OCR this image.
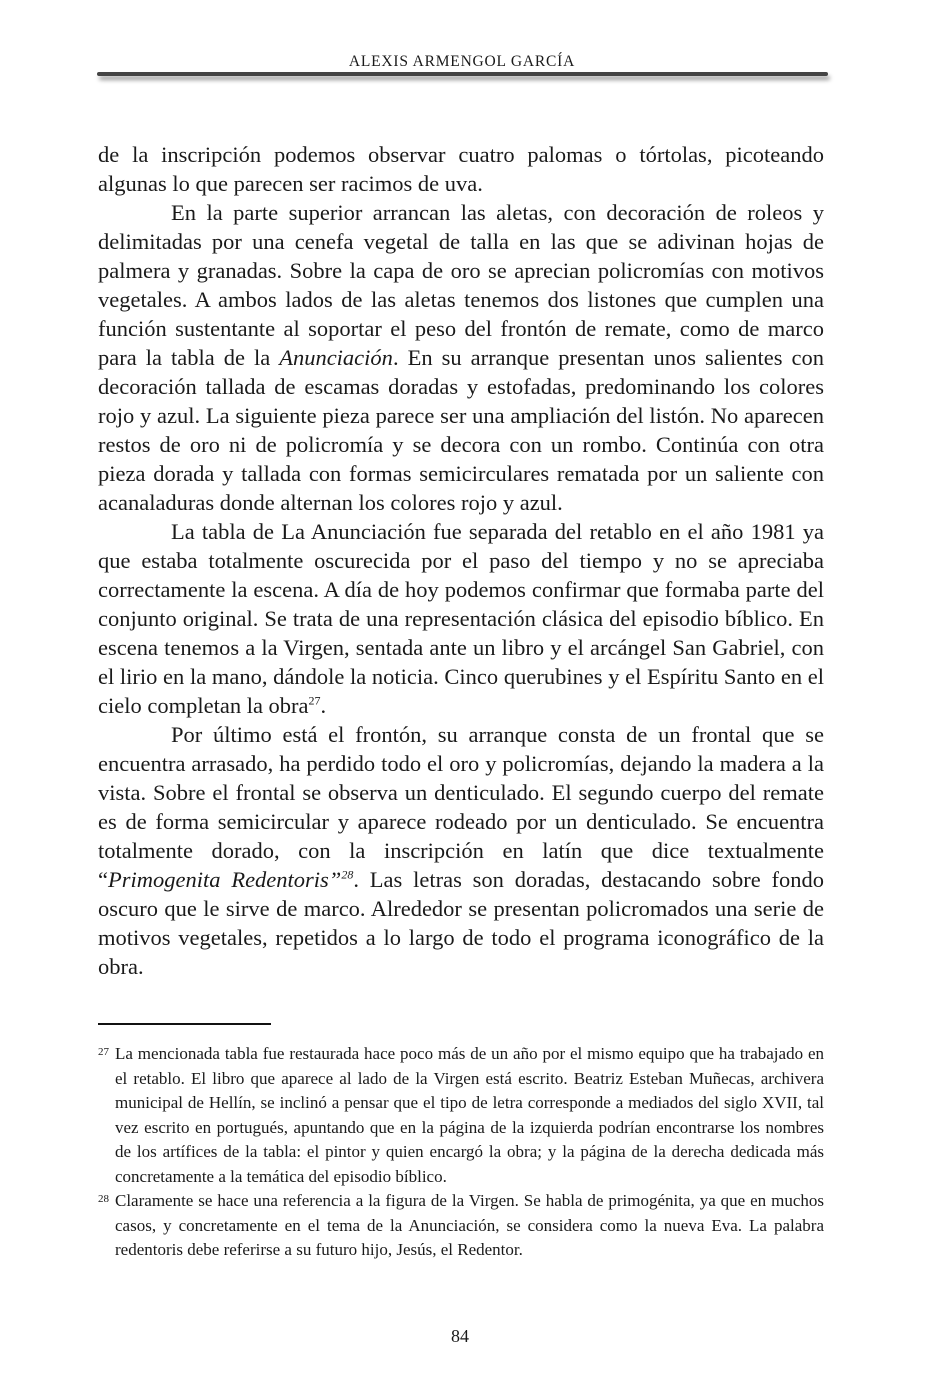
ALEXIS ARMENGOL GARCÍA

de la inscripción podemos observar cuatro palomas o tórtolas, picoteando algunas lo que parecen ser racimos de uva.

En la parte superior arrancan las aletas, con decoración de roleos y delimitadas por una cenefa vegetal de talla en las que se adivinan hojas de palmera y granadas. Sobre la capa de oro se aprecian policromías con motivos vegetales. A ambos lados de las aletas tenemos dos listones que cumplen una función sustentante al soportar el peso del frontón de remate, como de marco para la tabla de la Anunciación. En su arranque presentan unos salientes con decoración tallada de escamas doradas y estofadas, predominando los colores rojo y azul. La siguiente pieza parece ser una ampliación del listón. No aparecen restos de oro ni de policromía y se decora con un rombo. Continúa con otra pieza dorada y tallada con formas semicirculares rematada por un saliente con acanaladuras donde alternan los colores rojo y azul.

La tabla de La Anunciación fue separada del retablo en el año 1981 ya que estaba totalmente oscurecida por el paso del tiempo y no se apreciaba correctamente la escena. A día de hoy podemos confirmar que formaba parte del conjunto original. Se trata de una representación clásica del episodio bíblico. En escena tenemos a la Virgen, sentada ante un libro y el arcángel San Gabriel, con el lirio en la mano, dándole la noticia. Cinco querubines y el Espíritu Santo en el cielo completan la obra$^{27}$.

Por último está el frontón, su arranque consta de un frontal que se encuentra arrasado, ha perdido todo el oro y policromías, dejando la madera a la vista. Sobre el frontal se observa un denticulado. El segundo cuerpo del remate es de forma semicircular y aparece rodeado por un denticulado. Se encuentra totalmente dorado, con la inscripción en latín que dice textualmente “Primogenita Redentoris”$^{28}$. Las letras son doradas, destacando sobre fondo oscuro que le sirve de marco. Alrededor se presentan policromados una serie de motivos vegetales, repetidos a lo largo de todo el programa iconográfico de la obra.

27 La mencionada tabla fue restaurada hace poco más de un año por el mismo equipo que ha trabajado en el retablo. El libro que aparece al lado de la Virgen está escrito. Beatriz Esteban Muñecas, archivera municipal de Hellín, se inclinó a pensar que el tipo de letra corresponde a mediados del siglo XVII, tal vez escrito en portugués, apuntando que en la página de la izquierda podrían encontrarse los nombres de los artífices de la tabla: el pintor y quien encargó la obra; y la página de la derecha dedicada más concretamente a la temática del episodio bíblico.
28 Claramente se hace una referencia a la figura de la Virgen. Se habla de primogénita, ya que en muchos casos, y concretamente en el tema de la Anunciación, se considera como la nueva Eva. La palabra redentoris debe referirse a su futuro hijo, Jesús, el Redentor.
84
